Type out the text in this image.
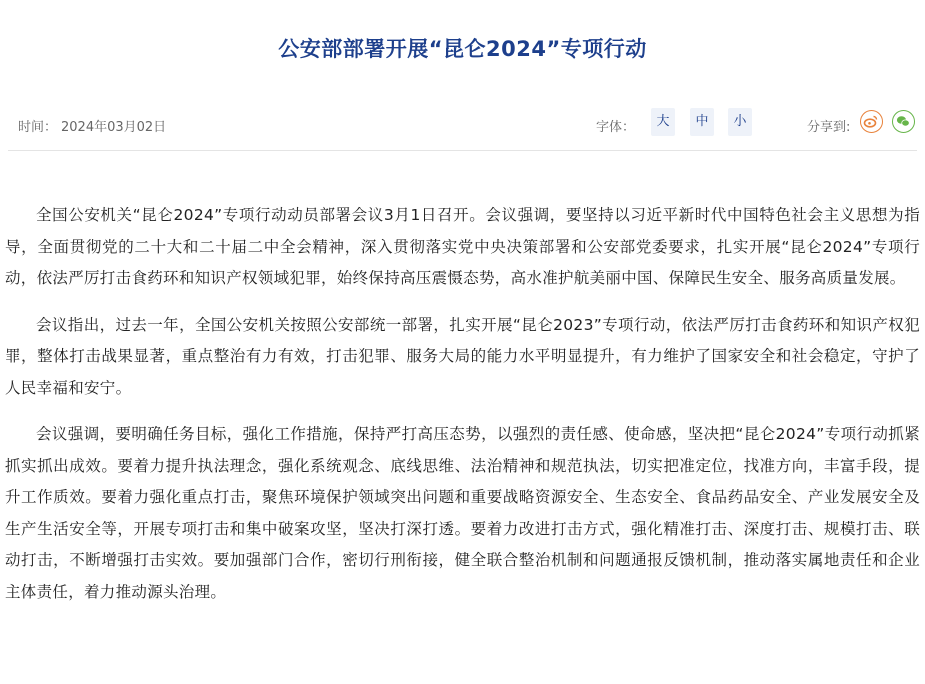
公安部部署开展“昆仑2024”专项行动
时间： 2024年03月02日	字体：	大	中	小	分享到:

全国公安机关“昆仑2024”专项行动动员部署会议3月1日召开。会议强调，要坚持以习近平新时代中国特色社会主义思想为指导，全面贯彻党的二十大和二十届二中全会精神，深入贯彻落实党中央决策部署和公安部党委要求，扎实开展“昆仑2024”专项行动，依法严厉打击食药环和知识产权领域犯罪，始终保持高压震慑态势，高水准护航美丽中国、保障民生安全、服务高质量发展。

会议指出，过去一年，全国公安机关按照公安部统一部署，扎实开展“昆仑2023”专项行动，依法严厉打击食药环和知识产权犯罪，整体打击战果显著，重点整治有力有效，打击犯罪、服务大局的能力水平明显提升，有力维护了国家安全和社会稳定，守护了人民幸福和安宁。

会议强调，要明确任务目标，强化工作措施，保持严打高压态势，以强烈的责任感、使命感，坚决把“昆仑2024”专项行动抓紧抓实抓出成效。要着力提升执法理念，强化系统观念、底线思维、法治精神和规范执法，切实把准定位，找准方向，丰富手段，提升工作质效。要着力强化重点打击，聚焦环境保护领域突出问题和重要战略资源安全、生态安全、食品药品安全、产业发展安全及生产生活安全等，开展专项打击和集中破案攻坚，坚决打深打透。要着力改进打击方式，强化精准打击、深度打击、规模打击、联动打击，不断增强打击实效。要加强部门合作，密切行刑衔接，健全联合整治机制和问题通报反馈机制，推动落实属地责任和企业主体责任，着力推动源头治理。
